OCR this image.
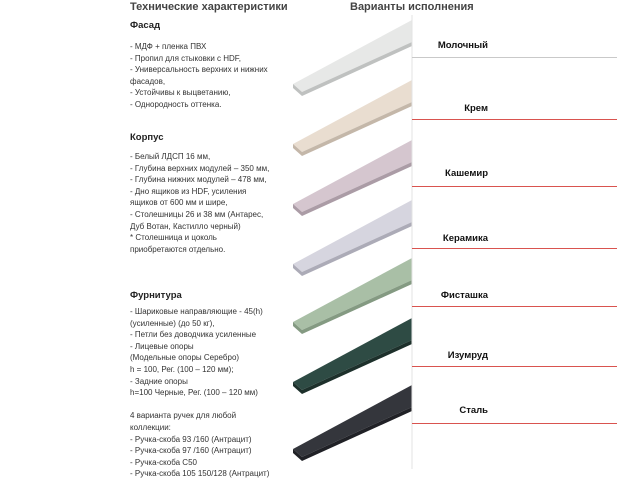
Технические характеристики	Варианты исполнения
Фасад
- МДФ + пленка ПВХ
- Пропил для стыковки с HDF,
- Универсальность верхних и нижних
фасадов,
- Устойчивы к выцветанию,
- Однородность оттенка.
Корпус
- Белый ЛДСП 16 мм,
- Глубина верхних модулей – 350 мм,
- Глубина нижних модулей – 478 мм,
- Дно ящиков из HDF, усиления
ящиков от 600 мм и шире,
- Столешницы 26 и 38 мм (Антарес,
Дуб Вотан, Кастилло черный)
* Столешница и цоколь
приобретаются отдельно.
Фурнитура
- Шариковые направляющие - 45(h)
(усиленные) (до 50 кг),
- Петли без доводчика усиленные
- Лицевые опоры
(Модельные опоры Серебро)
h = 100, Рег. (100 – 120 мм);
- Задние опоры
h=100 Черные, Рег. (100 – 120 мм)

4 варианта ручек для любой
коллекции:
- Ручка-скоба 93 /160 (Антрацит)
- Ручка-скоба 97 /160 (Антрацит)
- Ручка-скоба C50
- Ручка-скоба 105 150/128 (Антрацит)
Молочный
Крем
Кашемир
Керамика
Фисташка
Изумруд
Сталь
